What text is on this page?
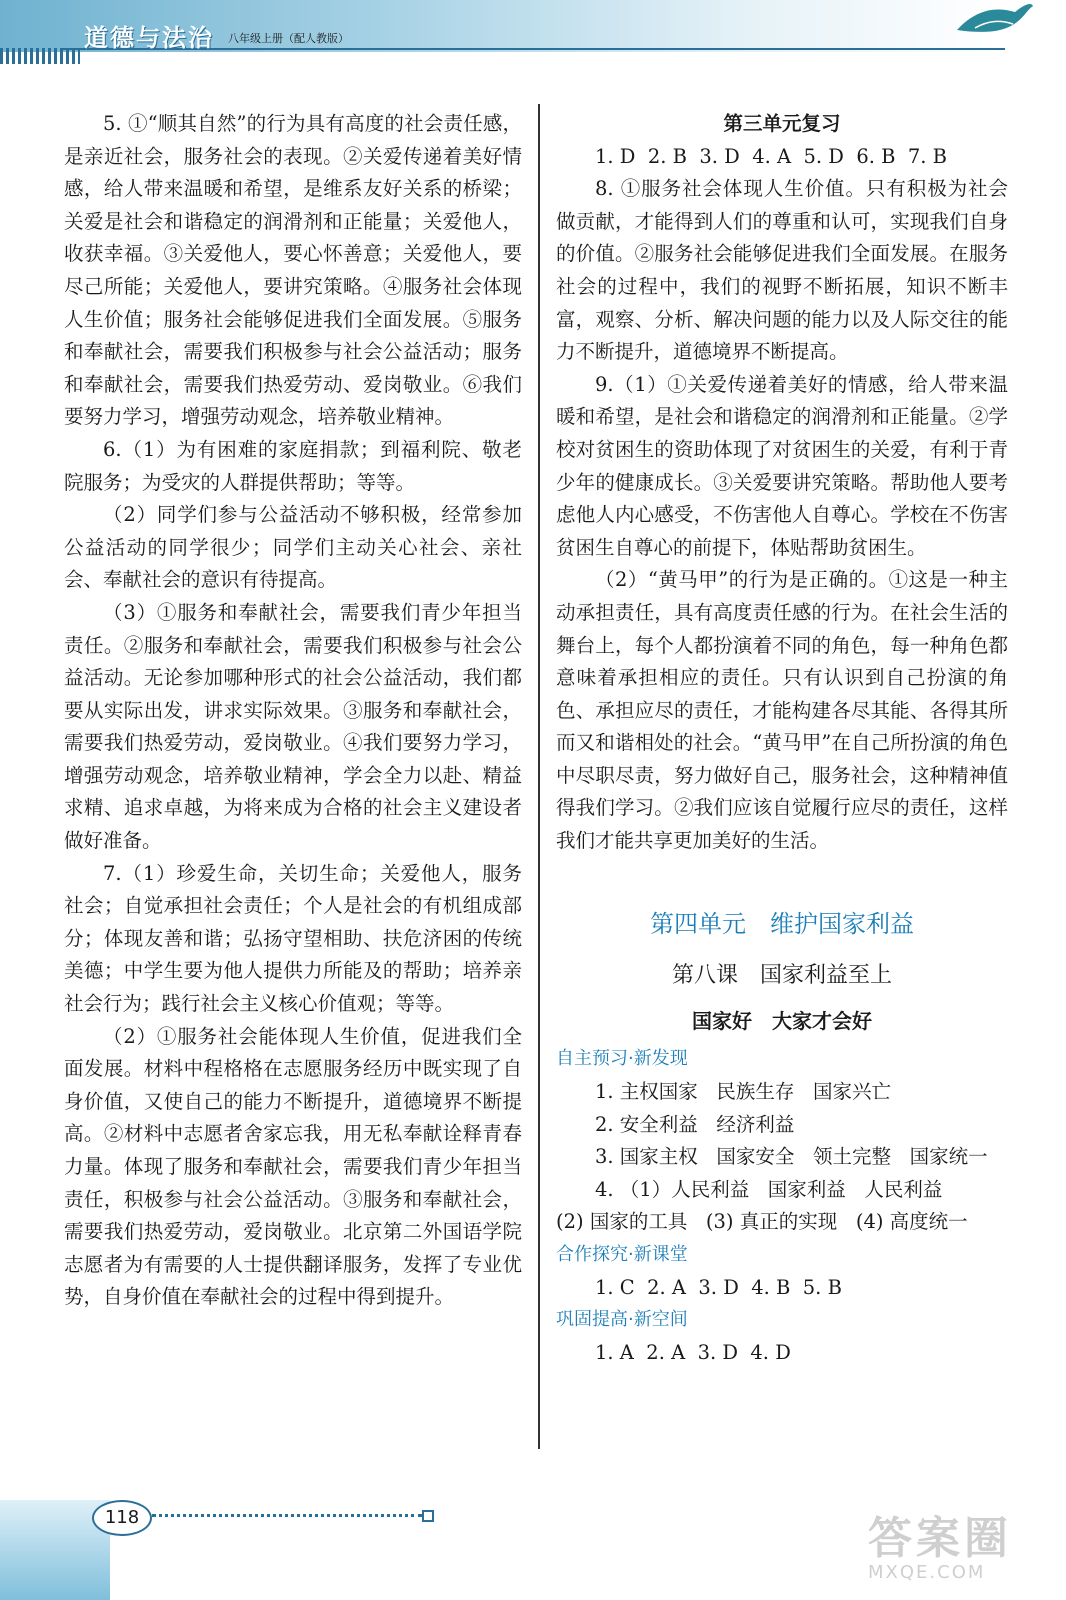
道德与法治 八年级上册（配人教版）

5. ①“顺其自然”的行为具有高度的社会责任感，是亲近社会，服务社会的表现。②关爱传递着美好情感，给人带来温暖和希望，是维系友好关系的桥梁；关爱是社会和谐稳定的润滑剂和正能量；关爱他人，收获幸福。③关爱他人，要心怀善意；关爱他人，要尽己所能；关爱他人，要讲究策略。④服务社会体现人生价值；服务社会能够促进我们全面发展。⑤服务和奉献社会，需要我们积极参与社会公益活动；服务和奉献社会，需要我们热爱劳动、爱岗敬业。⑥我们要努力学习，增强劳动观念，培养敬业精神。

6.（1）为有困难的家庭捐款；到福利院、敬老院服务；为受灾的人群提供帮助；等等。

（2）同学们参与公益活动不够积极，经常参加公益活动的同学很少；同学们主动关心社会、亲社会、奉献社会的意识有待提高。

（3）①服务和奉献社会，需要我们青少年担当责任。②服务和奉献社会，需要我们积极参与社会公益活动。无论参加哪种形式的社会公益活动，我们都要从实际出发，讲求实际效果。③服务和奉献社会，需要我们热爱劳动，爱岗敬业。④我们要努力学习，增强劳动观念，培养敬业精神，学会全力以赴、精益求精、追求卓越，为将来成为合格的社会主义建设者做好准备。

7.（1）珍爱生命，关切生命；关爱他人，服务社会；自觉承担社会责任；个人是社会的有机组成部分；体现友善和谐；弘扬守望相助、扶危济困的传统美德；中学生要为他人提供力所能及的帮助；培养亲社会行为；践行社会主义核心价值观；等等。

（2）①服务社会能体现人生价值，促进我们全面发展。材料中程格格在志愿服务经历中既实现了自身价值，又使自己的能力不断提升，道德境界不断提高。②材料中志愿者舍家忘我，用无私奉献诠释青春力量。体现了服务和奉献社会，需要我们青少年担当责任，积极参与社会公益活动。③服务和奉献社会，需要我们热爱劳动，爱岗敬业。北京第二外国语学院志愿者为有需要的人士提供翻译服务，发挥了专业优势，自身价值在奉献社会的过程中得到提升。

第三单元复习

1. D  2. B  3. D  4. A  5. D  6. B  7. B

8. ①服务社会体现人生价值。只有积极为社会做贡献，才能得到人们的尊重和认可，实现我们自身的价值。②服务社会能够促进我们全面发展。在服务社会的过程中，我们的视野不断拓展，知识不断丰富，观察、分析、解决问题的能力以及人际交往的能力不断提升，道德境界不断提高。

9.（1）①关爱传递着美好的情感，给人带来温暖和希望，是社会和谐稳定的润滑剂和正能量。②学校对贫困生的资助体现了对贫困生的关爱，有利于青少年的健康成长。③关爱要讲究策略。帮助他人要考虑他人内心感受，不伤害他人自尊心。学校在不伤害贫困生自尊心的前提下，体贴帮助贫困生。

（2）“黄马甲”的行为是正确的。①这是一种主动承担责任，具有高度责任感的行为。在社会生活的舞台上，每个人都扮演着不同的角色，每一种角色都意味着承担相应的责任。只有认识到自己扮演的角色、承担应尽的责任，才能构建各尽其能、各得其所而又和谐相处的社会。“黄马甲”在自己所扮演的角色中尽职尽责，努力做好自己，服务社会，这种精神值得我们学习。②我们应该自觉履行应尽的责任，这样我们才能共享更加美好的生活。

第四单元　维护国家利益
第八课　国家利益至上
国家好　大家才会好
自主预习·新发现

1. 主权国家   民族生存   国家兴亡

2. 安全利益   经济利益

3. 国家主权   国家安全   领土完整   国家统一

4. （1）人民利益   国家利益   人民利益

(2) 国家的工具   (3) 真正的实现   (4) 高度统一

合作探究·新课堂

1. C  2. A  3. D  4. B  5. B

巩固提高·新空间

1. A  2. A  3. D  4. D

118	答案圈
MXQE.COM
